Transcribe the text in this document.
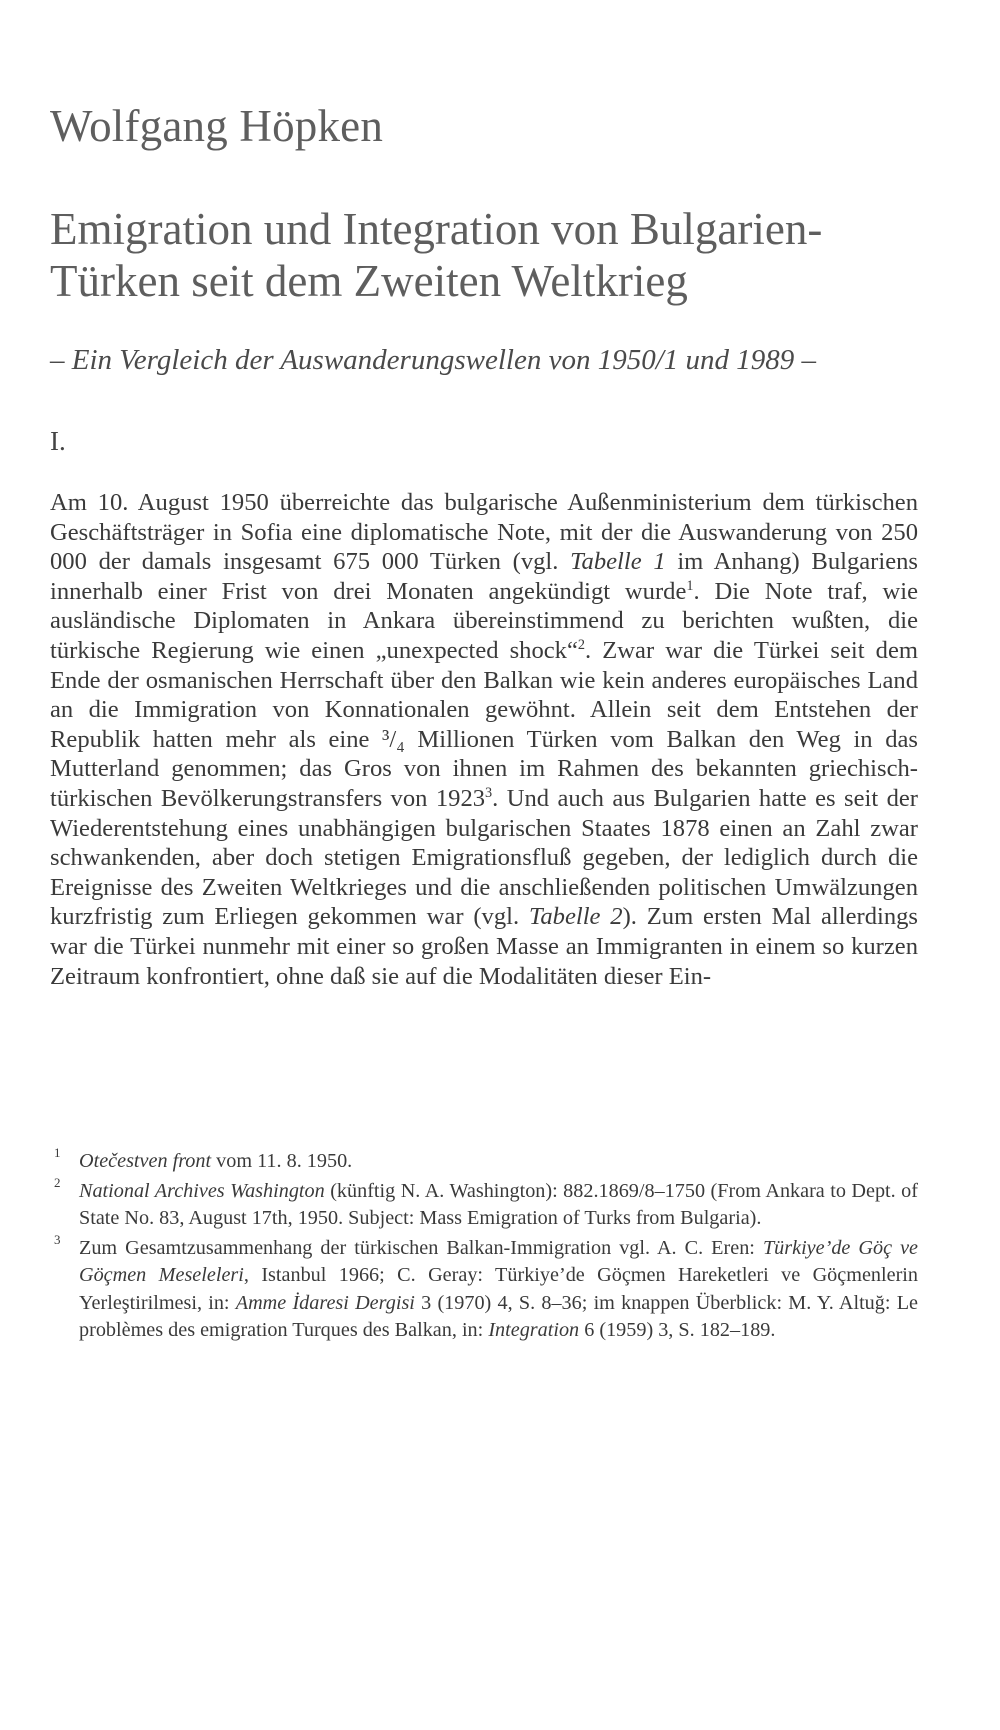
Wolfgang Höpken
Emigration und Integration von Bulgarien-Türken seit dem Zweiten Weltkrieg
– Ein Vergleich der Auswanderungswellen von 1950/1 und 1989 –
I.

Am 10. August 1950 überreichte das bulgarische Außenministerium dem türkischen Geschäftsträger in Sofia eine diplomatische Note, mit der die Auswanderung von 250 000 der damals insgesamt 675 000 Türken (vgl. Tabelle 1 im Anhang) Bulgariens innerhalb einer Frist von drei Monaten angekündigt wurde$^1$. Die Note traf, wie ausländische Diplomaten in Ankara übereinstimmend zu berichten wußten, die türkische Regierung wie einen „unexpected shock“$^2$. Zwar war die Türkei seit dem Ende der osmanischen Herrschaft über den Balkan wie kein anderes europäisches Land an die Immigration von Konnationalen gewöhnt. Allein seit dem Entstehen der Republik hatten mehr als eine ³/₄ Millionen Türken vom Balkan den Weg in das Mutterland genommen; das Gros von ihnen im Rahmen des bekannten griechisch-türkischen Bevölkerungstransfers von 1923$^3$. Und auch aus Bulgarien hatte es seit der Wiederentstehung eines unabhängigen bulgarischen Staates 1878 einen an Zahl zwar schwankenden, aber doch stetigen Emigrationsfluß gegeben, der lediglich durch die Ereignisse des Zweiten Weltkrieges und die anschließenden politischen Umwälzungen kurzfristig zum Erliegen gekommen war (vgl. Tabelle 2). Zum ersten Mal allerdings war die Türkei nunmehr mit einer so großen Masse an Immigranten in einem so kurzen Zeitraum konfrontiert, ohne daß sie auf die Modalitäten dieser Ein-

1 Otečestven front vom 11. 8. 1950.

2 National Archives Washington (künftig N. A. Washington): 882.1869/8–1750 (From Ankara to Dept. of State No. 83, August 17th, 1950. Subject: Mass Emigration of Turks from Bulgaria).

3 Zum Gesamtzusammenhang der türkischen Balkan-Immigration vgl. A. C. Eren: Türkiye’de Göç ve Göçmen Meseleleri, Istanbul 1966; C. Geray: Türkiye’de Göçmen Hareketleri ve Göçmenlerin Yerleştirilmesi, in: Amme İdaresi Dergisi 3 (1970) 4, S. 8–36; im knappen Überblick: M. Y. Altuğ: Le problèmes des emigration Turques des Balkan, in: Integration 6 (1959) 3, S. 182–189.
